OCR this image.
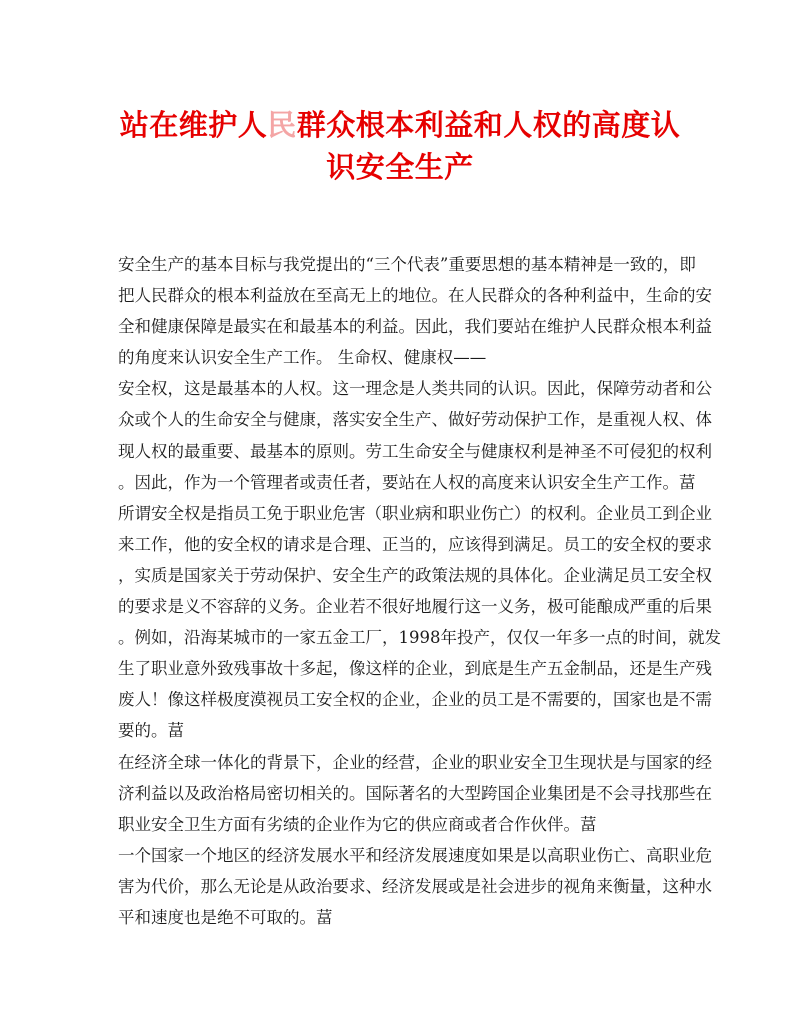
站在维护人民群众根本利益和人权的高度认
识安全生产
安全生产的基本目标与我党提出的“三个代表”重要思想的基本精神是一致的，即
把人民群众的根本利益放在至高无上的地位。在人民群众的各种利益中，生命的安
全和健康保障是最实在和最基本的利益。因此，我们要站在维护人民群众根本利益
的角度来认识安全生产工作。 生命权、健康权——
安全权，这是最基本的人权。这一理念是人类共同的认识。因此，保障劳动者和公
众或个人的生命安全与健康，落实安全生产、做好劳动保护工作，是重视人权、体
现人权的最重要、最基本的原则。劳工生命安全与健康权利是神圣不可侵犯的权利
。因此，作为一个管理者或责任者，要站在人权的高度来认识安全生产工作。葍
所谓安全权是指员工免于职业危害（职业病和职业伤亡）的权利。企业员工到企业
来工作，他的安全权的请求是合理、正当的，应该得到满足。员工的安全权的要求
，实质是国家关于劳动保护、安全生产的政策法规的具体化。企业满足员工安全权
的要求是义不容辞的义务。企业若不很好地履行这一义务，极可能酿成严重的后果
。例如，沿海某城市的一家五金工厂，1998年投产，仅仅一年多一点的时间，就发
生了职业意外致残事故十多起，像这样的企业，到底是生产五金制品，还是生产残
废人！像这样极度漠视员工安全权的企业，企业的员工是不需要的，国家也是不需
要的。葍
在经济全球一体化的背景下，企业的经营，企业的职业安全卫生现状是与国家的经
济利益以及政治格局密切相关的。国际著名的大型跨国企业集团是不会寻找那些在
职业安全卫生方面有劣绩的企业作为它的供应商或者合作伙伴。葍
一个国家一个地区的经济发展水平和经济发展速度如果是以高职业伤亡、高职业危
害为代价，那么无论是从政治要求、经济发展或是社会进步的视角来衡量，这种水
平和速度也是绝不可取的。葍
